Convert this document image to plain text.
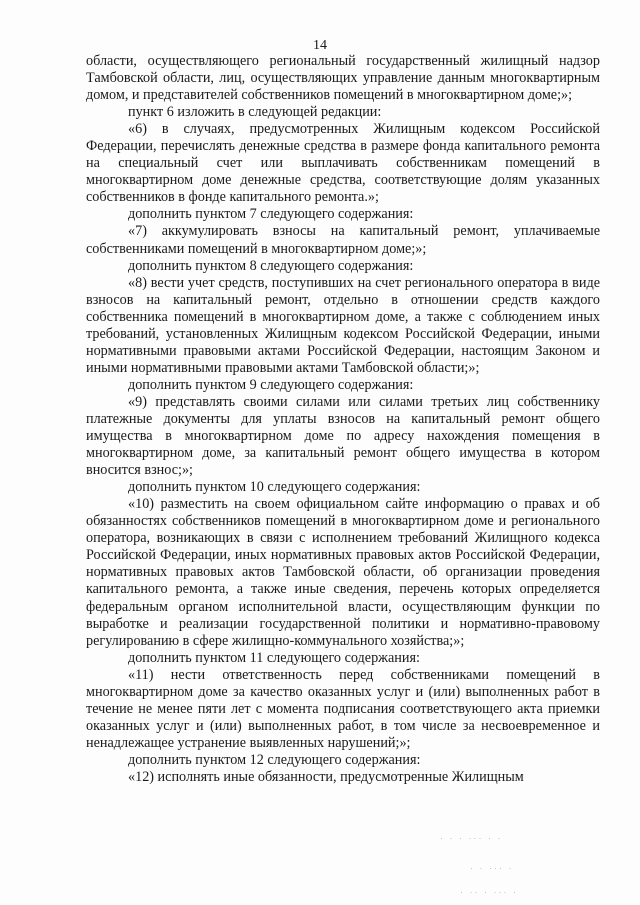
14

области, осуществляющего региональный государственный жилищный надзор Тамбовской области, лиц, осуществляющих управление данным многоквартирным домом, и представителей собственников помещений в многоквартирном доме;»;

пункт 6 изложить в следующей редакции:

«6) в случаях, предусмотренных Жилищным кодексом Российской Федерации, перечислять денежные средства в размере фонда капитального ремонта на специальный счет или выплачивать собственникам помещений в многоквартирном доме денежные средства, соответствующие долям указанных собственников в фонде капитального ремонта.»;

дополнить пунктом 7 следующего содержания:

«7) аккумулировать взносы на капитальный ремонт, уплачиваемые собственниками помещений в многоквартирном доме;»;

дополнить пунктом 8 следующего содержания:

«8) вести учет средств, поступивших на счет регионального оператора в виде взносов на капитальный ремонт, отдельно в отношении средств каждого собственника помещений в многоквартирном доме, а также с соблюдением иных требований, установленных Жилищным кодексом Российской Федерации, иными нормативными правовыми актами Российской Федерации, настоящим Законом и иными нормативными правовыми актами Тамбовской области;»;

дополнить пунктом 9 следующего содержания:

«9) представлять своими силами или силами третьих лиц собственнику платежные документы для уплаты взносов на капитальный ремонт общего имущества в многоквартирном доме по адресу нахождения помещения в многоквартирном доме, за капитальный ремонт общего имущества в котором вносится взнос;»;

дополнить пунктом 10 следующего содержания:

«10) разместить на своем официальном сайте информацию о правах и об обязанностях собственников помещений в многоквартирном доме и регионального оператора, возникающих в связи с исполнением требований Жилищного кодекса Российской Федерации, иных нормативных правовых актов Российской Федерации, нормативных правовых актов Тамбовской области, об организации проведения капитального ремонта, а также иные сведения, перечень которых определяется федеральным органом исполнительной власти, осуществляющим функции по выработке и реализации государственной политики и нормативно-правовому регулированию в сфере жилищно-коммунального хозяйства;»;

дополнить пунктом 11 следующего содержания:

«11) нести ответственность перед собственниками помещений в многоквартирном доме за качество оказанных услуг и (или) выполненных работ в течение не менее пяти лет с момента подписания соответствующего акта приемки оказанных услуг и (или) выполненных работ, в том числе за несвоевременное и ненадлежащее устранение выявленных нарушений;»;

дополнить пунктом 12 следующего содержания:

«12) исполнять иные обязанности, предусмотренные Жилищным

· · · ··· · ·
· · ··· ·
· ·· · ··· ·
